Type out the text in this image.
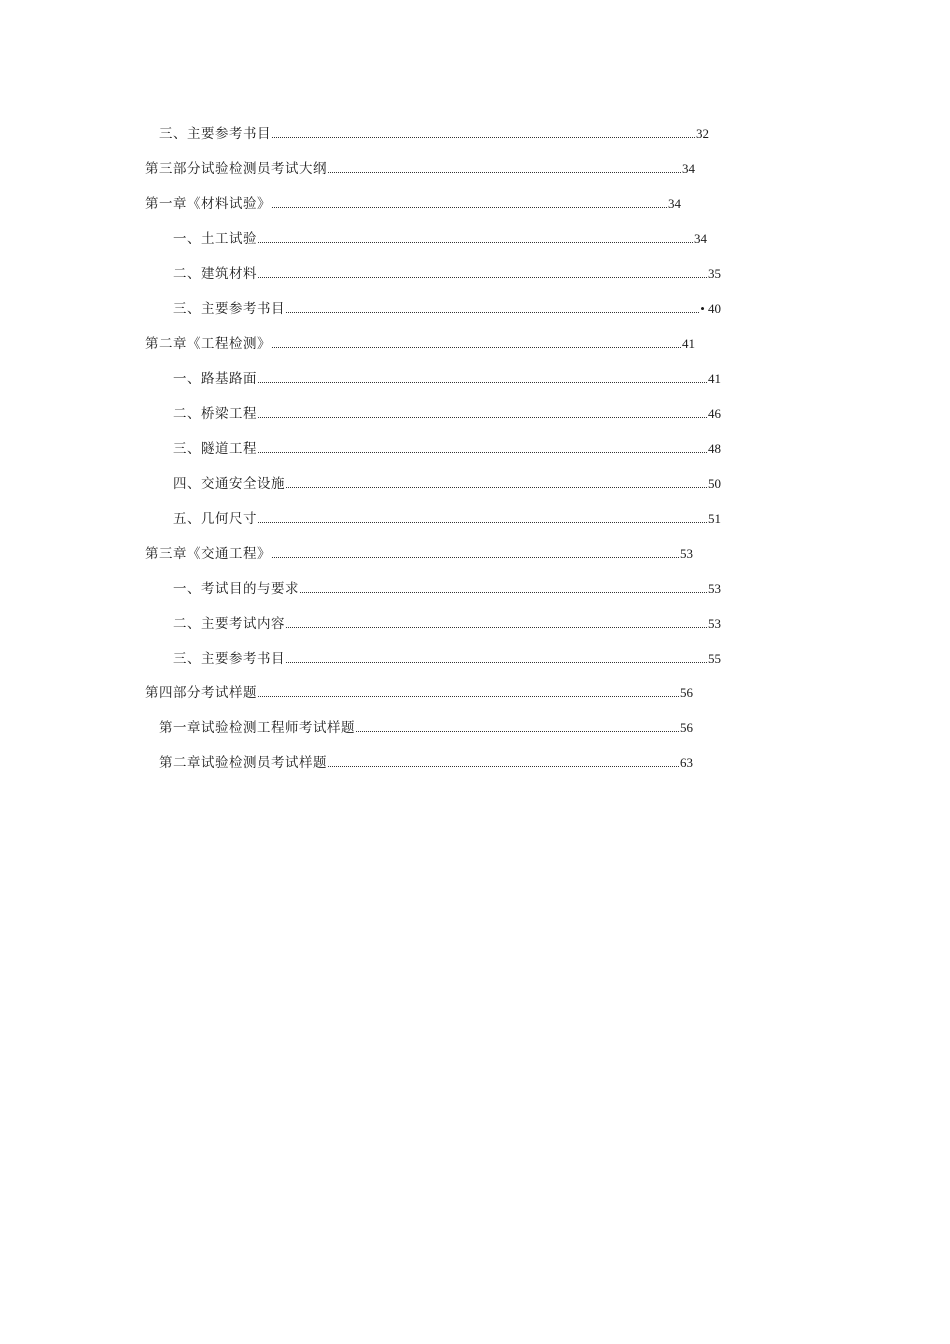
三、主要参考书目	32
第三部分试验检测员考试大纲	34
第一章《材料试验》	34
一、土工试验	34
二、建筑材料	35
三、主要参考书目	• 40
第二章《工程检测》	41
一、路基路面	41
二、桥梁工程	46
三、隧道工程	48
四、交通安全设施	50
五、几何尺寸	51
第三章《交通工程》	53
一、考试目的与要求	53
二、主要考试内容	53
三、主要参考书目	55
第四部分考试样题	56
第一章试验检测工程师考试样题	56
第二章试验检测员考试样题	63
